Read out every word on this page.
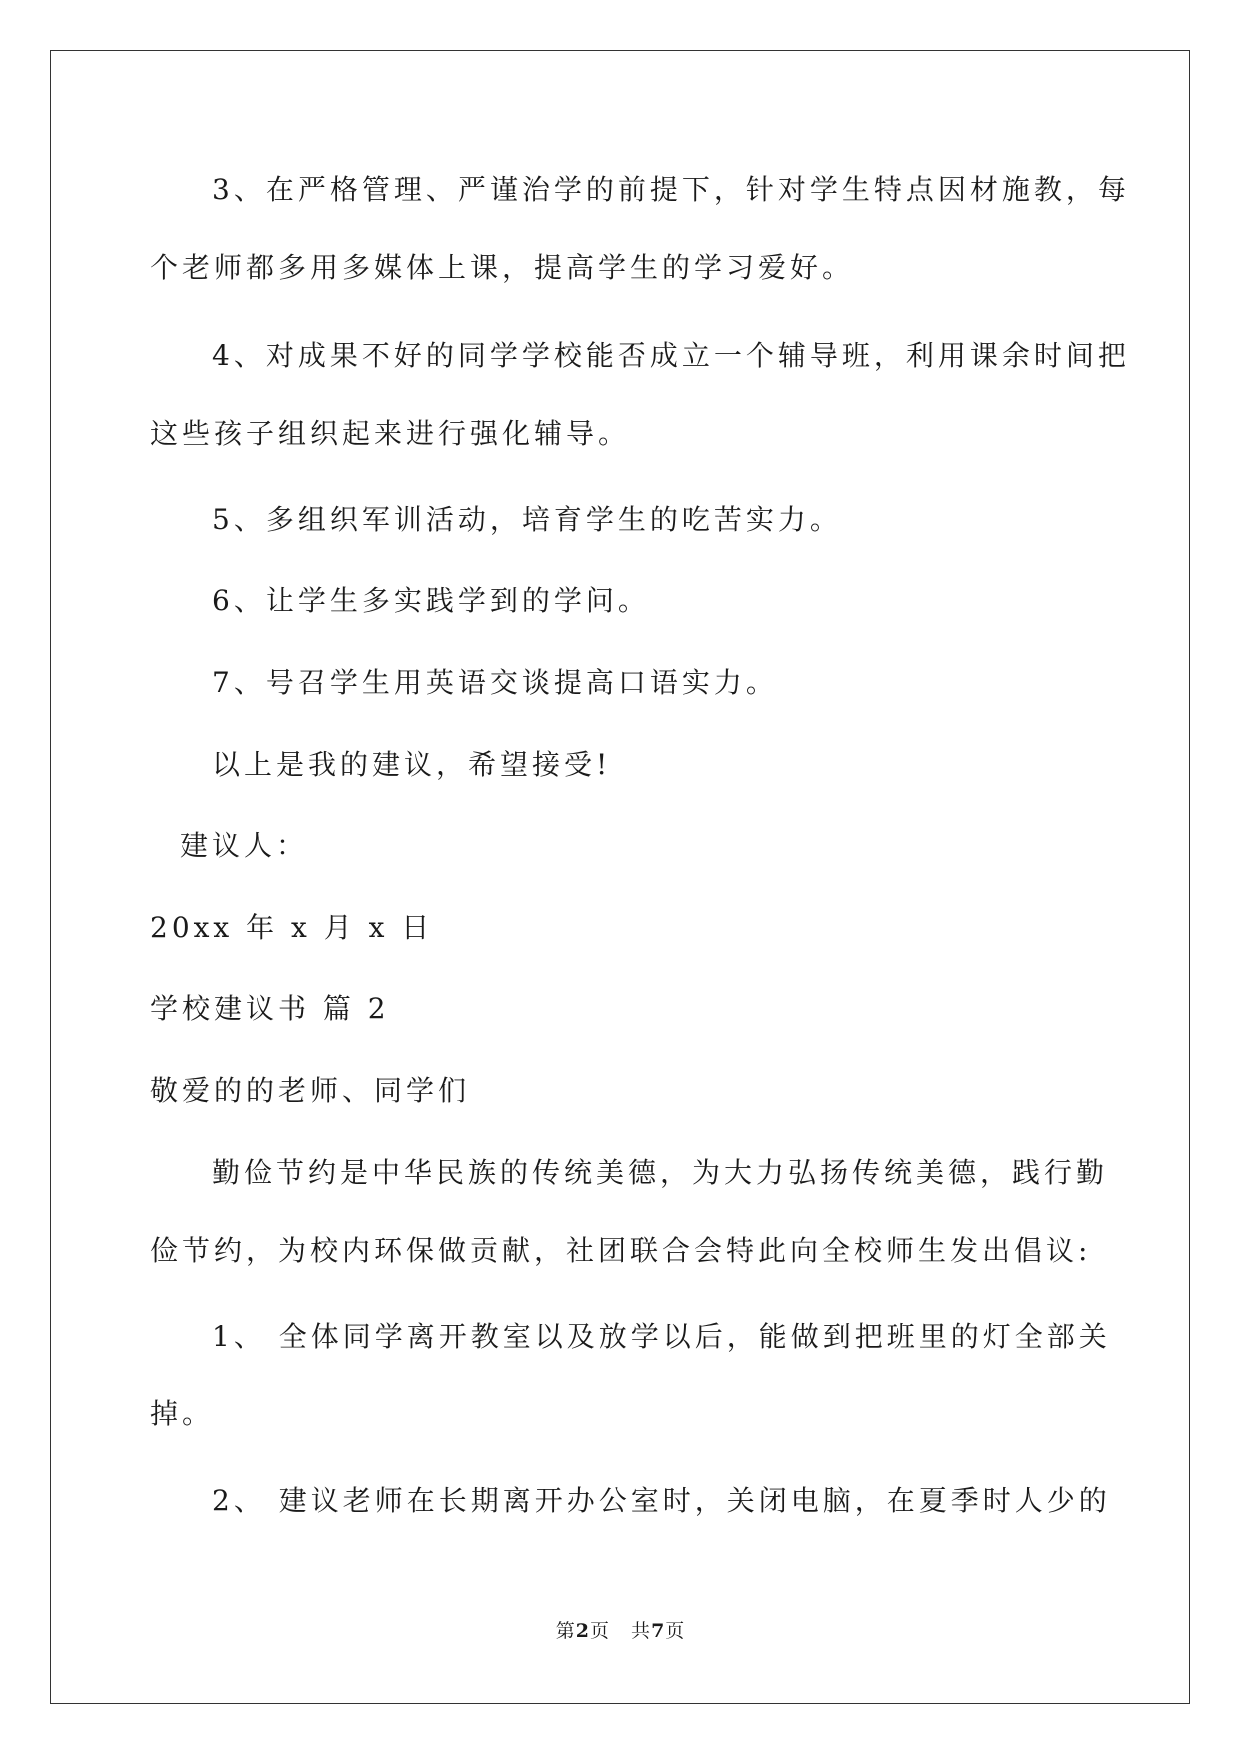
3、在严格管理、严谨治学的前提下，针对学生特点因材施教，每
个老师都多用多媒体上课，提高学生的学习爱好。
4、对成果不好的同学学校能否成立一个辅导班，利用课余时间把
这些孩子组织起来进行强化辅导。
5、多组织军训活动，培育学生的吃苦实力。
6、让学生多实践学到的学问。
7、号召学生用英语交谈提高口语实力。
以上是我的建议，希望接受!
建议人：
20xx 年 x 月 x 日
学校建议书 篇 2
敬爱的的老师、同学们
勤俭节约是中华民族的传统美德，为大力弘扬传统美德，践行勤
俭节约，为校内环保做贡献，社团联合会特此向全校师生发出倡议:
1、 全体同学离开教室以及放学以后，能做到把班里的灯全部关
掉。
2、 建议老师在长期离开办公室时，关闭电脑，在夏季时人少的
第2页   共7页
